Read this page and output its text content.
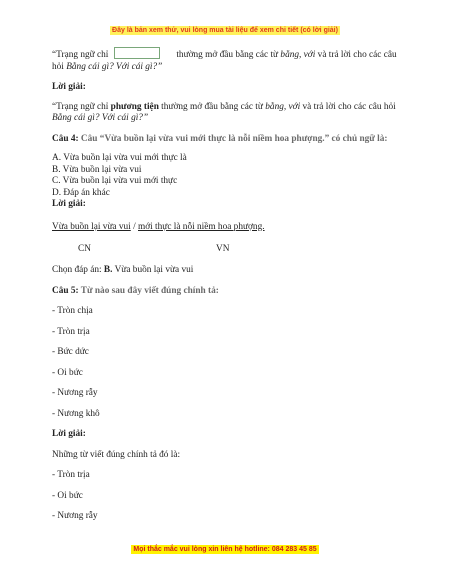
Đây là bản xem thử, vui lòng mua tài liệu để xem chi tiết (có lời giải)

“Trạng ngữ chỉ	thường mở đầu bằng các từ bằng, với và trả lời cho các câu hỏi Bằng cái gì? Với cái gì?”

Lời giải:

“Trạng ngữ chỉ phương tiện thường mở đầu bằng các từ bằng, với và trả lời cho các câu hỏi Bằng cái gì? Với cái gì?”

Câu 4: Câu “Vừa buồn lại vừa vui mới thực là nỗi niềm hoa phượng.” có chủ ngữ là:

A. Vừa buồn lại vừa vui mới thực là

B. Vừa buồn lại vừa vui

C. Vừa buồn lại vừa vui mới thực

D. Đáp án khác

Lời giải:

Vừa buồn lại vừa vui / mới thực là nỗi niềm hoa phượng.

CN	VN

Chọn đáp án: B. Vừa buồn lại vừa vui

Câu 5: Từ nào sau đây viết đúng chính tả:

- Tròn chịa

- Tròn trịa

- Bức dức

- Oi bức

- Nương rẫy

- Nương khô

Lời giải:

Những từ viết đúng chính tả đó là:

- Tròn trịa

- Oi bức

- Nương rẫy

Mọi thắc mắc vui lòng xin liên hệ hotline: 084 283 45 85
